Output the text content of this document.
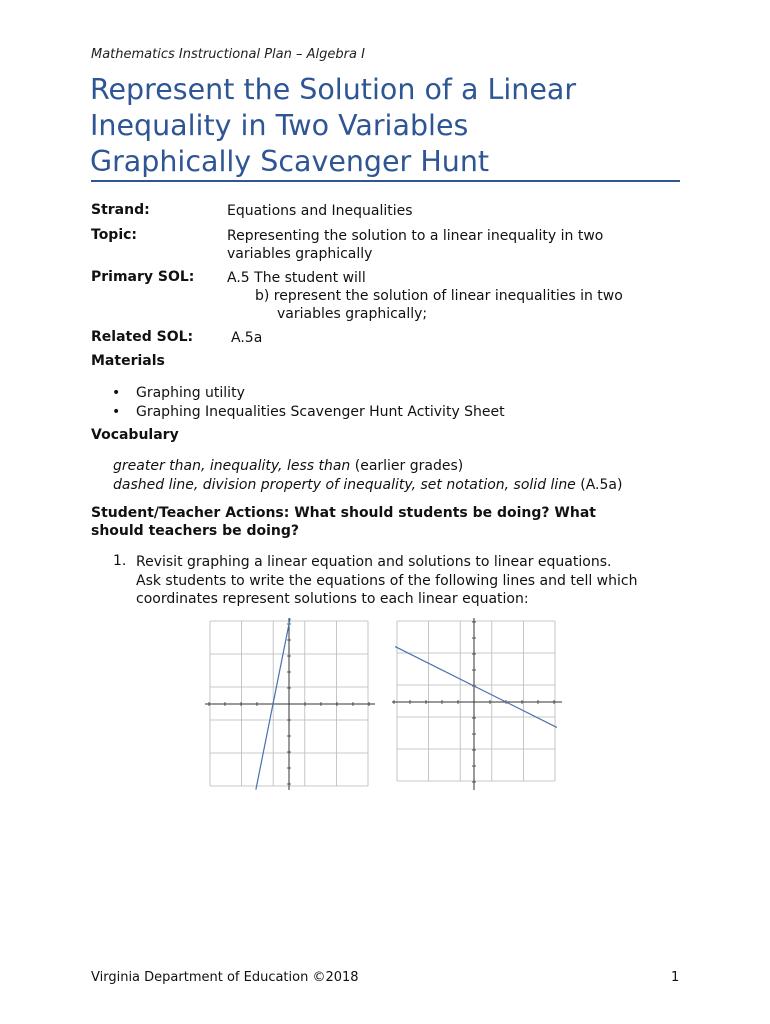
Mathematics Instructional Plan – Algebra I
Represent the Solution of a Linear
Inequality in Two Variables
Graphically Scavenger Hunt
Strand:	Equations and Inequalities
Topic:	Representing the solution to a linear inequality in two
variables graphically
Primary SOL: A.5 The student will
b) represent the solution of linear inequalities in two
variables graphically;
Related SOL:	A.5a
Materials
• Graphing utility
• Graphing Inequalities Scavenger Hunt Activity Sheet
Vocabulary
greater than, inequality, less than (earlier grades)
dashed line, division property of inequality, set notation, solid line (A.5a)
Student/Teacher Actions: What should students be doing? What
should teachers be doing?
1. Revisit graphing a linear equation and solutions to linear equations.
Ask students to write the equations of the following lines and tell which
coordinates represent solutions to each linear equation:
Virginia Department of Education ©2018	1
